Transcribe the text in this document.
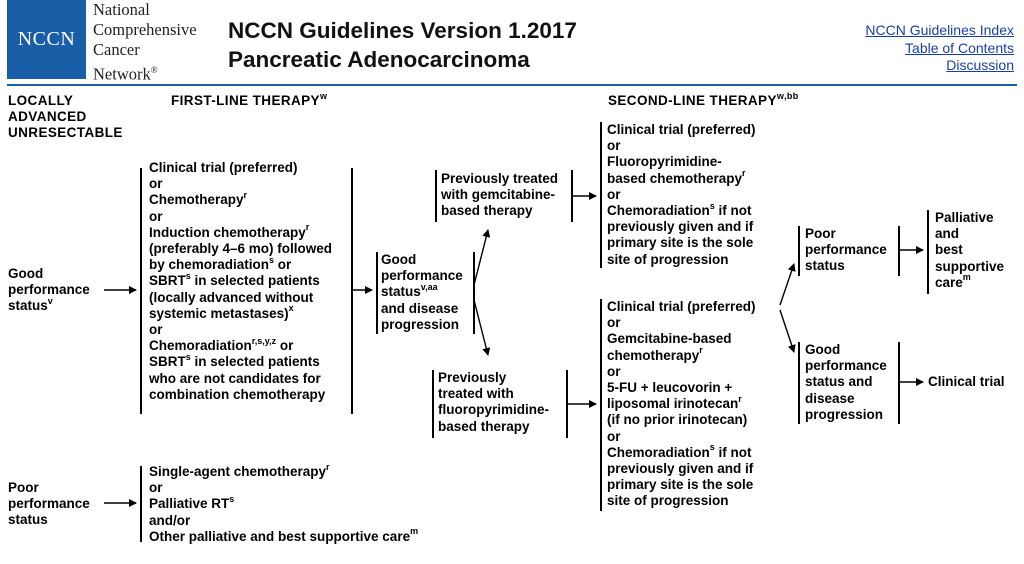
NCCN
National
Comprehensive
Cancer
Network®
NCCN Guidelines Version 1.2017
Pancreatic Adenocarcinoma
NCCN Guidelines Index
Table of Contents
Discussion
LOCALLY
ADVANCED
UNRESECTABLE
FIRST-LINE THERAPY$^w$	SECOND-LINE $THERAPY^{w,bb}$
Good
performance
status$^v$
Poor
performance
status
Clinical trial (preferred)
or
Chemotherapy$^r$
or
Induction chemotherapy$^r$
(preferably 4–6 mo) followed
by chemoradiation$^s$ or
SBRT$^s$ in selected patients
(locally advanced without
systemic metastases)$^x$
or
Chemoradiation$^{r,s,y,z}$ or
SBRT$^s$ in selected patients
who are not candidates for
combination chemotherapy
Single-agent chemotherapy$^r$
or
Palliative $RT^s$
and/or
Other palliative and best supportive care$^m$
Good
performance
status$^{v,aa}$
and disease
progression
Previously treated
with gemcitabine-
based therapy
Previously
treated with
fluoropyrimidine-
based therapy
Clinical trial (preferred)
or
Fluoropyrimidine-
based chemotherapy$^r$
or
Chemoradiation$^s$ if not
previously given and if
primary site is the sole
site of progression
Clinical trial (preferred)
or
Gemcitabine-based
chemotherapy$^r$
or
5-FU + leucovorin +
liposomal irinotecan$^r$
(if no prior irinotecan)
or
Chemoradiation$^s$ if not
previously given and if
primary site is the sole
site of progression
Poor
performance
status
Good
performance
status and
disease
progression
Palliative
and
best
supportive
care$^m$
Clinical trial
